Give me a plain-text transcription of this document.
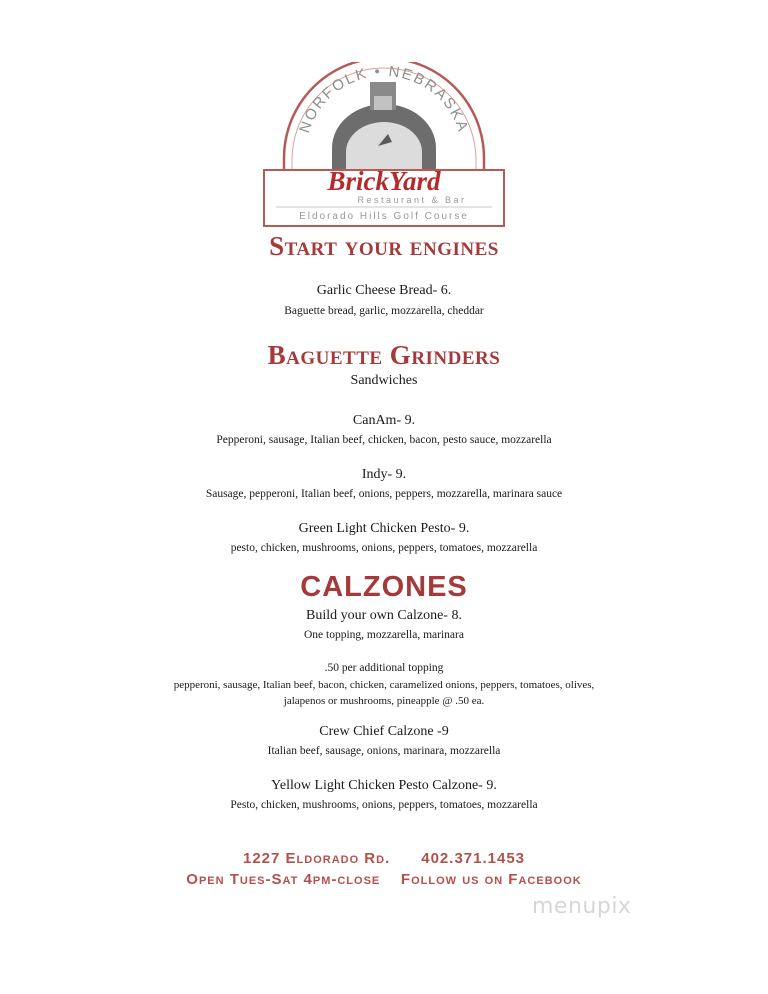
NORFOLK • NEBRASKA
BrickYard
Restaurant & Bar
Eldorado Hills Golf Course
Start your engines

Garlic Cheese Bread- 6.

Baguette bread, garlic, mozzarella, cheddar

Baguette Grinders

Sandwiches

CanAm- 9.

Pepperoni, sausage, Italian beef, chicken, bacon, pesto sauce, mozzarella

Indy- 9.

Sausage, pepperoni, Italian beef, onions, peppers, mozzarella, marinara sauce

Green Light Chicken Pesto- 9.

pesto, chicken, mushrooms, onions, peppers, tomatoes, mozzarella

CALZONES

Build your own Calzone- 8.

One topping, mozzarella, marinara

.50 per additional topping

pepperoni, sausage, Italian beef, bacon, chicken, caramelized onions, peppers, tomatoes, olives,

jalapenos or mushrooms, pineapple @ .50 ea.

Crew Chief Calzone -9

Italian beef, sausage, onions, marinara, mozzarella

Yellow Light Chicken Pesto Calzone- 9.

Pesto, chicken, mushrooms, onions, peppers, tomatoes, mozzarella

1227 Eldorado Rd.      402.371.1453

Open Tues-Sat 4pm-close    Follow us on Facebook

menupix
